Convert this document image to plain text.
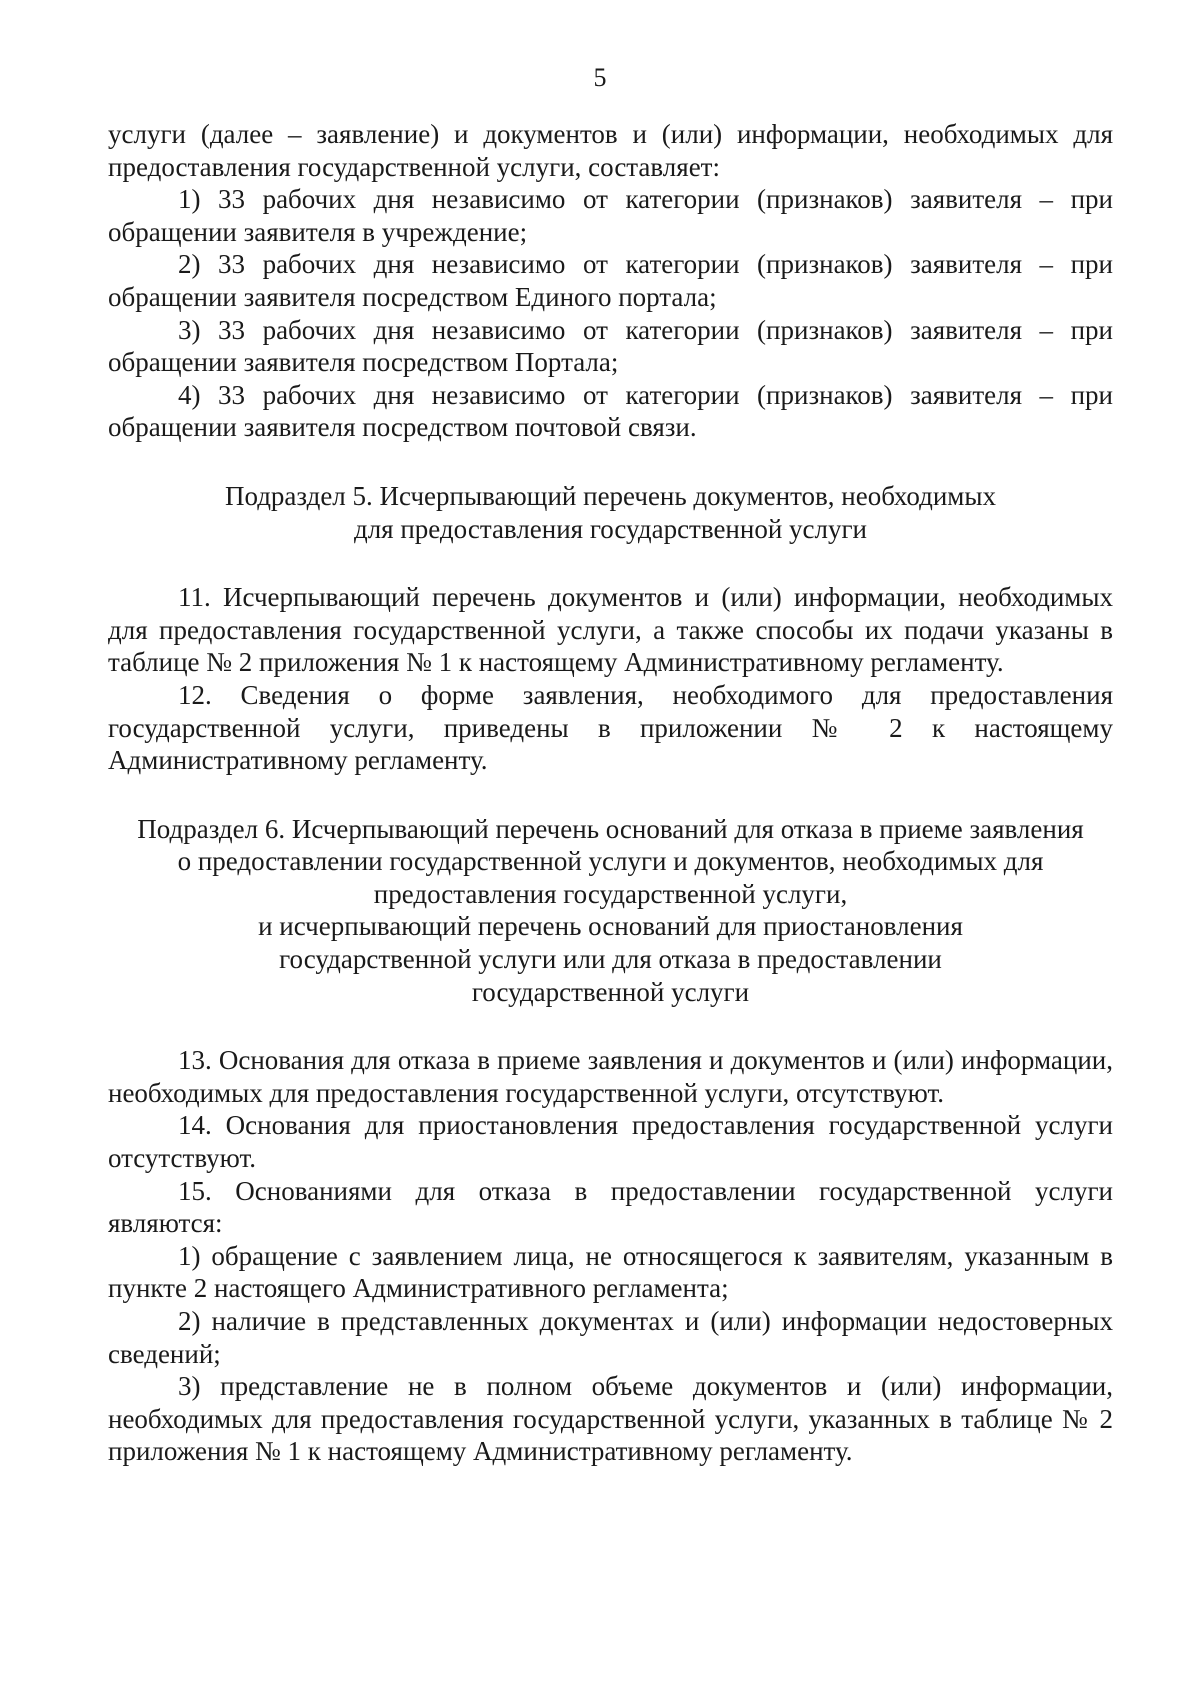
5

услуги (далее – заявление) и документов и (или) информации, необходимых для предоставления государственной услуги, составляет:

1) 33 рабочих дня независимо от категории (признаков) заявителя – при обращении заявителя в учреждение;

2) 33 рабочих дня независимо от категории (признаков) заявителя – при обращении заявителя посредством Единого портала;

3) 33 рабочих дня независимо от категории (признаков) заявителя – при обращении заявителя посредством Портала;

4) 33 рабочих дня независимо от категории (признаков) заявителя – при обращении заявителя посредством почтовой связи.

Подраздел 5. Исчерпывающий перечень документов, необходимых
для предоставления государственной услуги

11. Исчерпывающий перечень документов и (или) информации, необходимых для предоставления государственной услуги, а также способы их подачи указаны в таблице № 2 приложения № 1 к настоящему Административному регламенту.

12. Сведения о форме заявления, необходимого для предоставления государственной услуги, приведены в приложении № 2 к настоящему Административному регламенту.

Подраздел 6. Исчерпывающий перечень оснований для отказа в приеме заявления
о предоставлении государственной услуги и документов, необходимых для
предоставления государственной услуги,
и исчерпывающий перечень оснований для приостановления
государственной услуги или для отказа в предоставлении
государственной услуги

13. Основания для отказа в приеме заявления и документов и (или) информации, необходимых для предоставления государственной услуги, отсутствуют.

14. Основания для приостановления предоставления государственной услуги отсутствуют.

15. Основаниями для отказа в предоставлении государственной услуги являются:

1) обращение с заявлением лица, не относящегося к заявителям, указанным в пункте 2 настоящего Административного регламента;

2) наличие в представленных документах и (или) информации недостоверных сведений;

3) представление не в полном объеме документов и (или) информации, необходимых для предоставления государственной услуги, указанных в таблице № 2 приложения № 1 к настоящему Административному регламенту.
